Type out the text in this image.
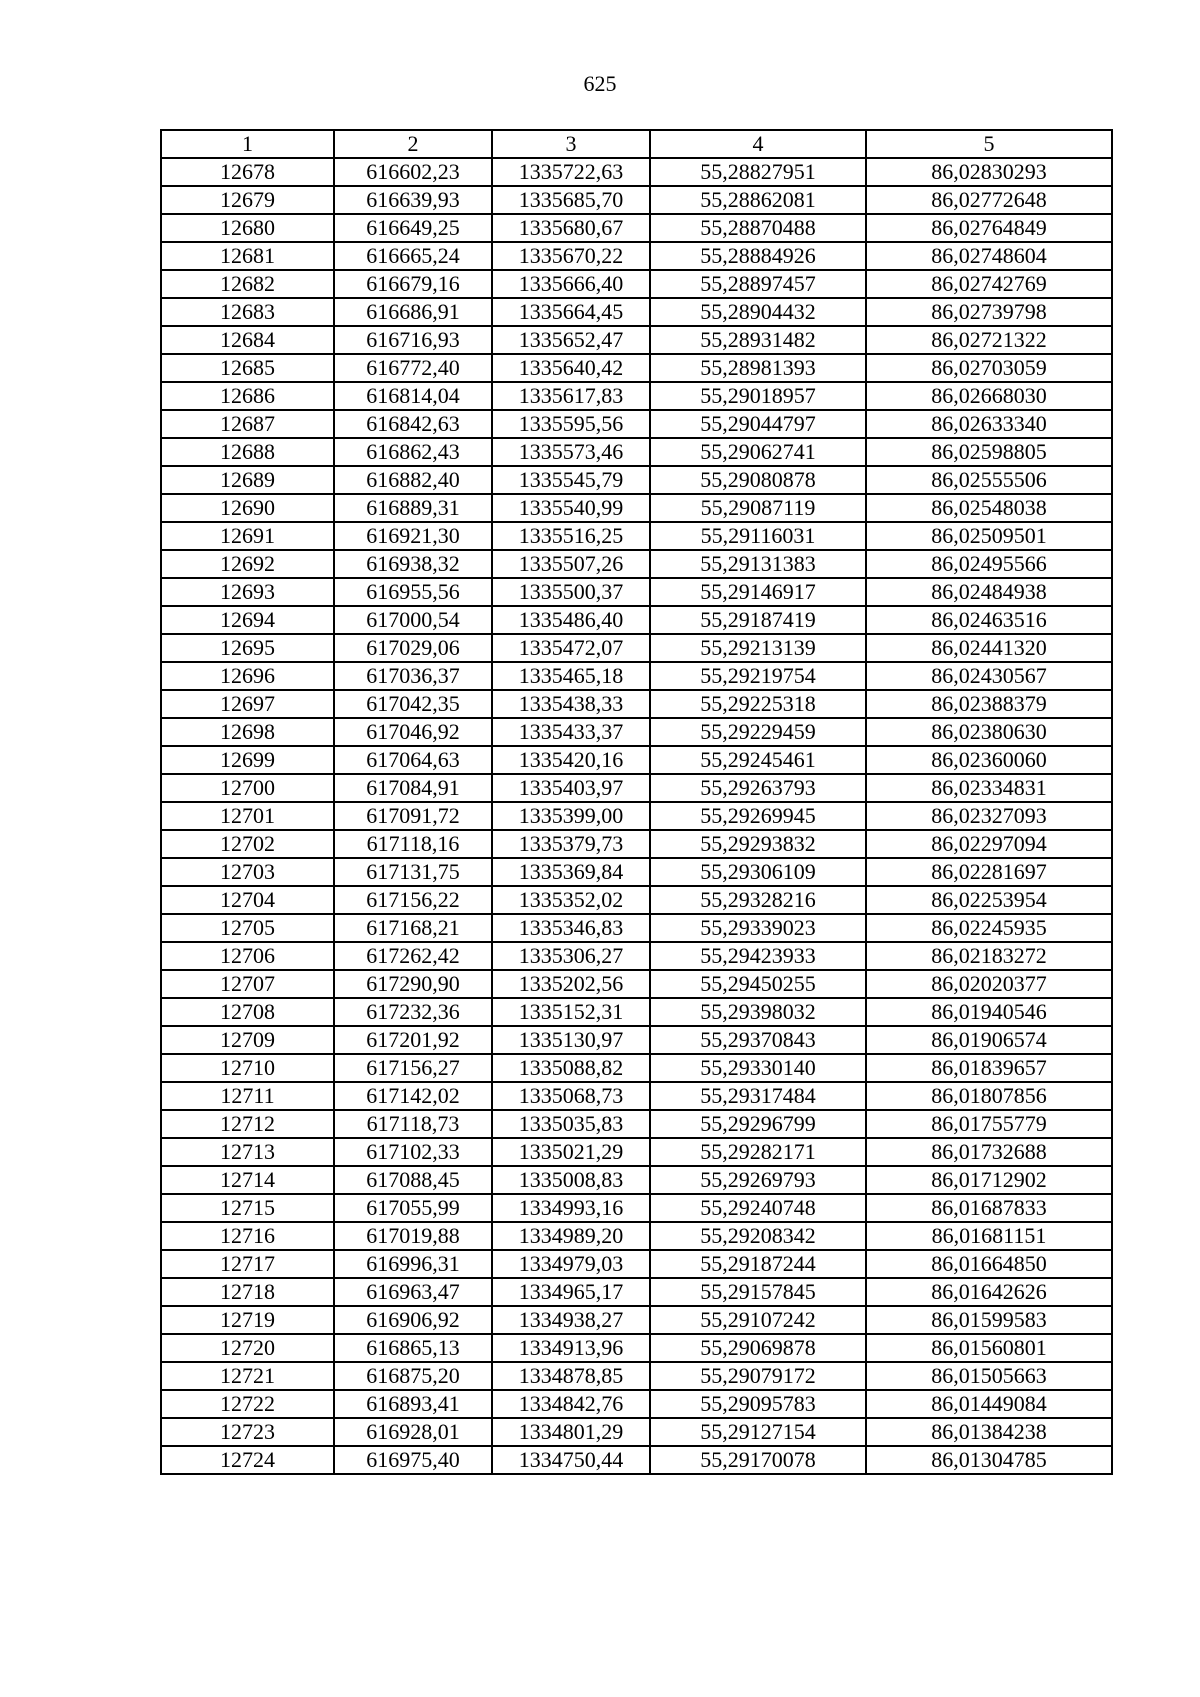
625
1	2	3	4	5
12678	616602,23	1335722,63	55,28827951	86,02830293
12679	616639,93	1335685,70	55,28862081	86,02772648
12680	616649,25	1335680,67	55,28870488	86,02764849
12681	616665,24	1335670,22	55,28884926	86,02748604
12682	616679,16	1335666,40	55,28897457	86,02742769
12683	616686,91	1335664,45	55,28904432	86,02739798
12684	616716,93	1335652,47	55,28931482	86,02721322
12685	616772,40	1335640,42	55,28981393	86,02703059
12686	616814,04	1335617,83	55,29018957	86,02668030
12687	616842,63	1335595,56	55,29044797	86,02633340
12688	616862,43	1335573,46	55,29062741	86,02598805
12689	616882,40	1335545,79	55,29080878	86,02555506
12690	616889,31	1335540,99	55,29087119	86,02548038
12691	616921,30	1335516,25	55,29116031	86,02509501
12692	616938,32	1335507,26	55,29131383	86,02495566
12693	616955,56	1335500,37	55,29146917	86,02484938
12694	617000,54	1335486,40	55,29187419	86,02463516
12695	617029,06	1335472,07	55,29213139	86,02441320
12696	617036,37	1335465,18	55,29219754	86,02430567
12697	617042,35	1335438,33	55,29225318	86,02388379
12698	617046,92	1335433,37	55,29229459	86,02380630
12699	617064,63	1335420,16	55,29245461	86,02360060
12700	617084,91	1335403,97	55,29263793	86,02334831
12701	617091,72	1335399,00	55,29269945	86,02327093
12702	617118,16	1335379,73	55,29293832	86,02297094
12703	617131,75	1335369,84	55,29306109	86,02281697
12704	617156,22	1335352,02	55,29328216	86,02253954
12705	617168,21	1335346,83	55,29339023	86,02245935
12706	617262,42	1335306,27	55,29423933	86,02183272
12707	617290,90	1335202,56	55,29450255	86,02020377
12708	617232,36	1335152,31	55,29398032	86,01940546
12709	617201,92	1335130,97	55,29370843	86,01906574
12710	617156,27	1335088,82	55,29330140	86,01839657
12711	617142,02	1335068,73	55,29317484	86,01807856
12712	617118,73	1335035,83	55,29296799	86,01755779
12713	617102,33	1335021,29	55,29282171	86,01732688
12714	617088,45	1335008,83	55,29269793	86,01712902
12715	617055,99	1334993,16	55,29240748	86,01687833
12716	617019,88	1334989,20	55,29208342	86,01681151
12717	616996,31	1334979,03	55,29187244	86,01664850
12718	616963,47	1334965,17	55,29157845	86,01642626
12719	616906,92	1334938,27	55,29107242	86,01599583
12720	616865,13	1334913,96	55,29069878	86,01560801
12721	616875,20	1334878,85	55,29079172	86,01505663
12722	616893,41	1334842,76	55,29095783	86,01449084
12723	616928,01	1334801,29	55,29127154	86,01384238
12724	616975,40	1334750,44	55,29170078	86,01304785
